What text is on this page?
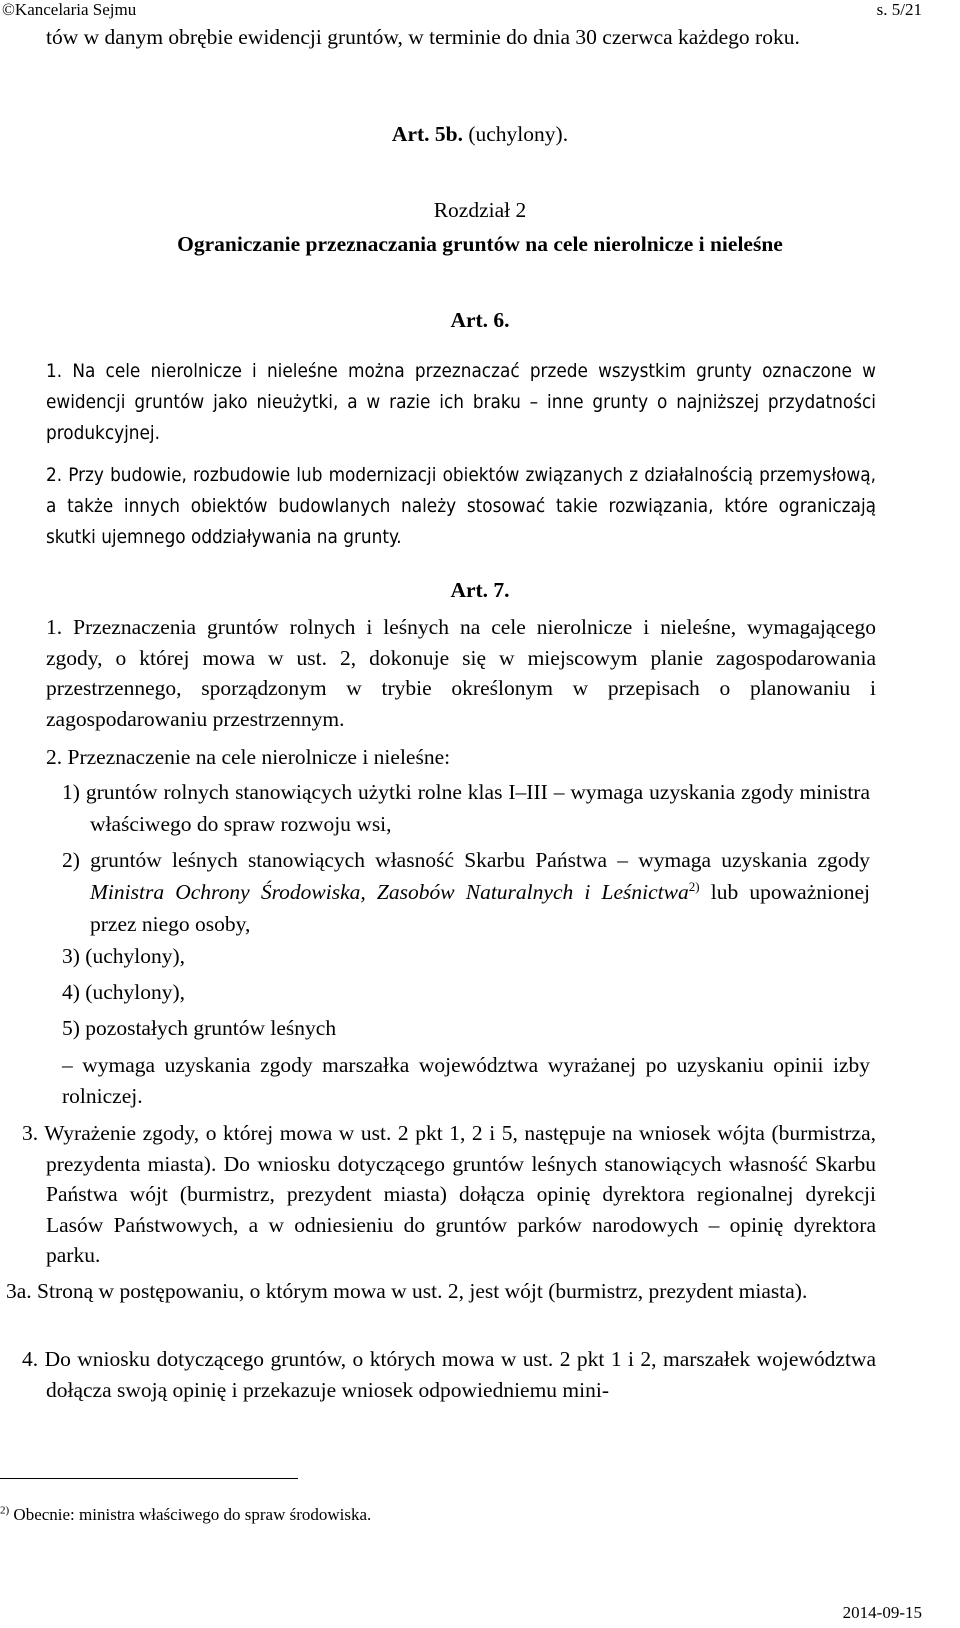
©Kancelaria Sejmu	s. 5/21
tów w danym obrębie ewidencji gruntów, w terminie do dnia 30 czerwca każdego roku.
Art. 5b. (uchylony).
Rozdział 2
Ograniczanie przeznaczania gruntów na cele nierolnicze i nieleśne
Art. 6.
1. Na cele nierolnicze i nieleśne można przeznaczać przede wszystkim grunty oznaczone w ewidencji gruntów jako nieużytki, a w razie ich braku – inne grunty o najniższej przydatności produkcyjnej.
2. Przy budowie, rozbudowie lub modernizacji obiektów związanych z działalnością przemysłową, a także innych obiektów budowlanych należy stosować takie rozwiązania, które ograniczają skutki ujemnego oddziaływania na grunty.
Art. 7.
1. Przeznaczenia gruntów rolnych i leśnych na cele nierolnicze i nieleśne, wymagającego zgody, o której mowa w ust. 2, dokonuje się w miejscowym planie zagospodarowania przestrzennego, sporządzonym w trybie określonym w przepisach o planowaniu i zagospodarowaniu przestrzennym.
2. Przeznaczenie na cele nierolnicze i nieleśne:
1) gruntów rolnych stanowiących użytki rolne klas I–III – wymaga uzyskania zgody ministra właściwego do spraw rozwoju wsi,
2) gruntów leśnych stanowiących własność Skarbu Państwa – wymaga uzyskania zgody Ministra Ochrony Środowiska, Zasobów Naturalnych i Leśnictwa$^{2)}$ lub upoważnionej przez niego osoby,
3) (uchylony),
4) (uchylony),
5) pozostałych gruntów leśnych
– wymaga uzyskania zgody marszałka województwa wyrażanej po uzyskaniu opinii izby rolniczej.
3. Wyrażenie zgody, o której mowa w ust. 2 pkt 1, 2 i 5, następuje na wniosek wójta (burmistrza, prezydenta miasta). Do wniosku dotyczącego gruntów leśnych stanowiących własność Skarbu Państwa wójt (burmistrz, prezydent miasta) dołącza opinię dyrektora regionalnej dyrekcji Lasów Państwowych, a w odniesieniu do gruntów parków narodowych – opinię dyrektora parku.
3a. Stroną w postępowaniu, o którym mowa w ust. 2, jest wójt (burmistrz, prezydent miasta).
4. Do wniosku dotyczącego gruntów, o których mowa w ust. 2 pkt 1 i 2, marszałek województwa dołącza swoją opinię i przekazuje wniosek odpowiedniemu mini-
$^{2)}$ Obecnie: ministra właściwego do spraw środowiska.
2014-09-15
